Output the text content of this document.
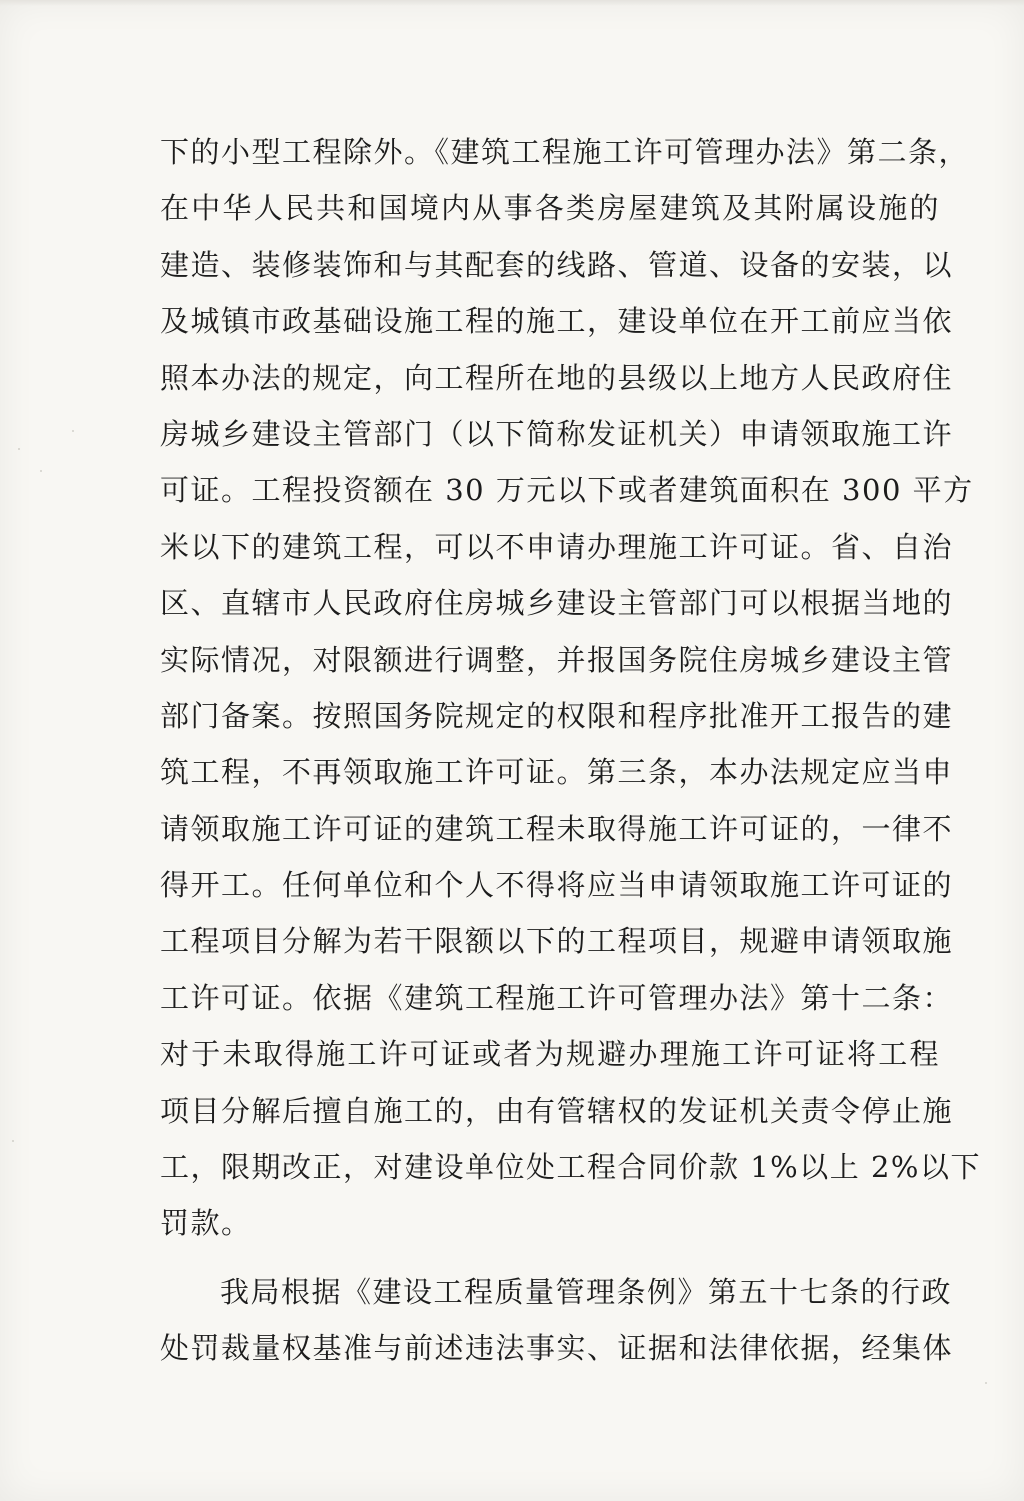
下的小型工程除外。《建筑工程施工许可管理办法》第二条，
在中华人民共和国境内从事各类房屋建筑及其附属设施的
建造、装修装饰和与其配套的线路、管道、设备的安装，以
及城镇市政基础设施工程的施工，建设单位在开工前应当依
照本办法的规定，向工程所在地的县级以上地方人民政府住
房城乡建设主管部门（以下简称发证机关）申请领取施工许
可证。工程投资额在 30 万元以下或者建筑面积在 300 平方
米以下的建筑工程，可以不申请办理施工许可证。省、自治
区、直辖市人民政府住房城乡建设主管部门可以根据当地的
实际情况，对限额进行调整，并报国务院住房城乡建设主管
部门备案。按照国务院规定的权限和程序批准开工报告的建
筑工程，不再领取施工许可证。第三条，本办法规定应当申
请领取施工许可证的建筑工程未取得施工许可证的，一律不
得开工。任何单位和个人不得将应当申请领取施工许可证的
工程项目分解为若干限额以下的工程项目，规避申请领取施
工许可证。依据《建筑工程施工许可管理办法》第十二条：
对于未取得施工许可证或者为规避办理施工许可证将工程
项目分解后擅自施工的，由有管辖权的发证机关责令停止施
工，限期改正，对建设单位处工程合同价款 1%以上 2%以下
罚款。
我局根据《建设工程质量管理条例》第五十七条的行政
处罚裁量权基准与前述违法事实、证据和法律依据，经集体
